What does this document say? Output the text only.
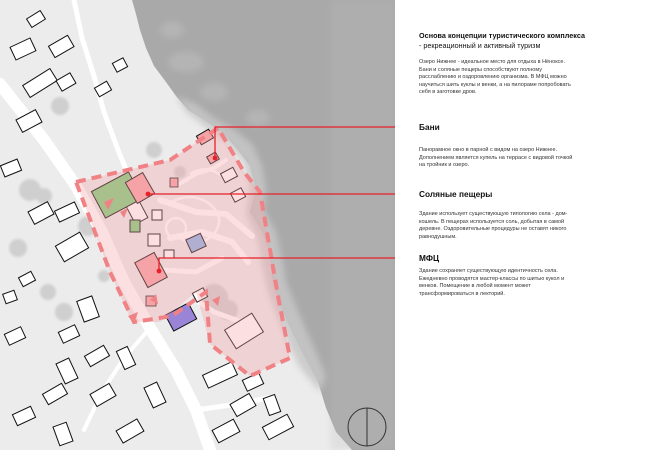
Основа концепции туристического комплекса
- рекреационный и активный туризм
Озеро Нижнее - идеальное место для отдыха в Нёноксе.
Бани и соляные пещеры способствуют полному
расслаблению и оздоровлению организма. В МФЦ можно
научиться шить куклы и венки, а на пилораме попробовать
себя в заготовке дров.
Бани
Панорамное окно в парной с видом на озеро Нижнее.
Дополнением является купель на террасе с видовой точкой
на тройник и озеро.
Соляные пещеры
Здание использует существующую типологию села - дом-
кошель. В пещерах используется соль, добытая в самой
деревне. Оздоровительные процедуры не оставят никого
равнодушным.
МФЦ
Здание сохраняет существующую идентичность села.
Ежедневно проводятся мастер-классы по шитью кукол и
венков. Помещение в любой момент может
трансформироваться в лекторий.
